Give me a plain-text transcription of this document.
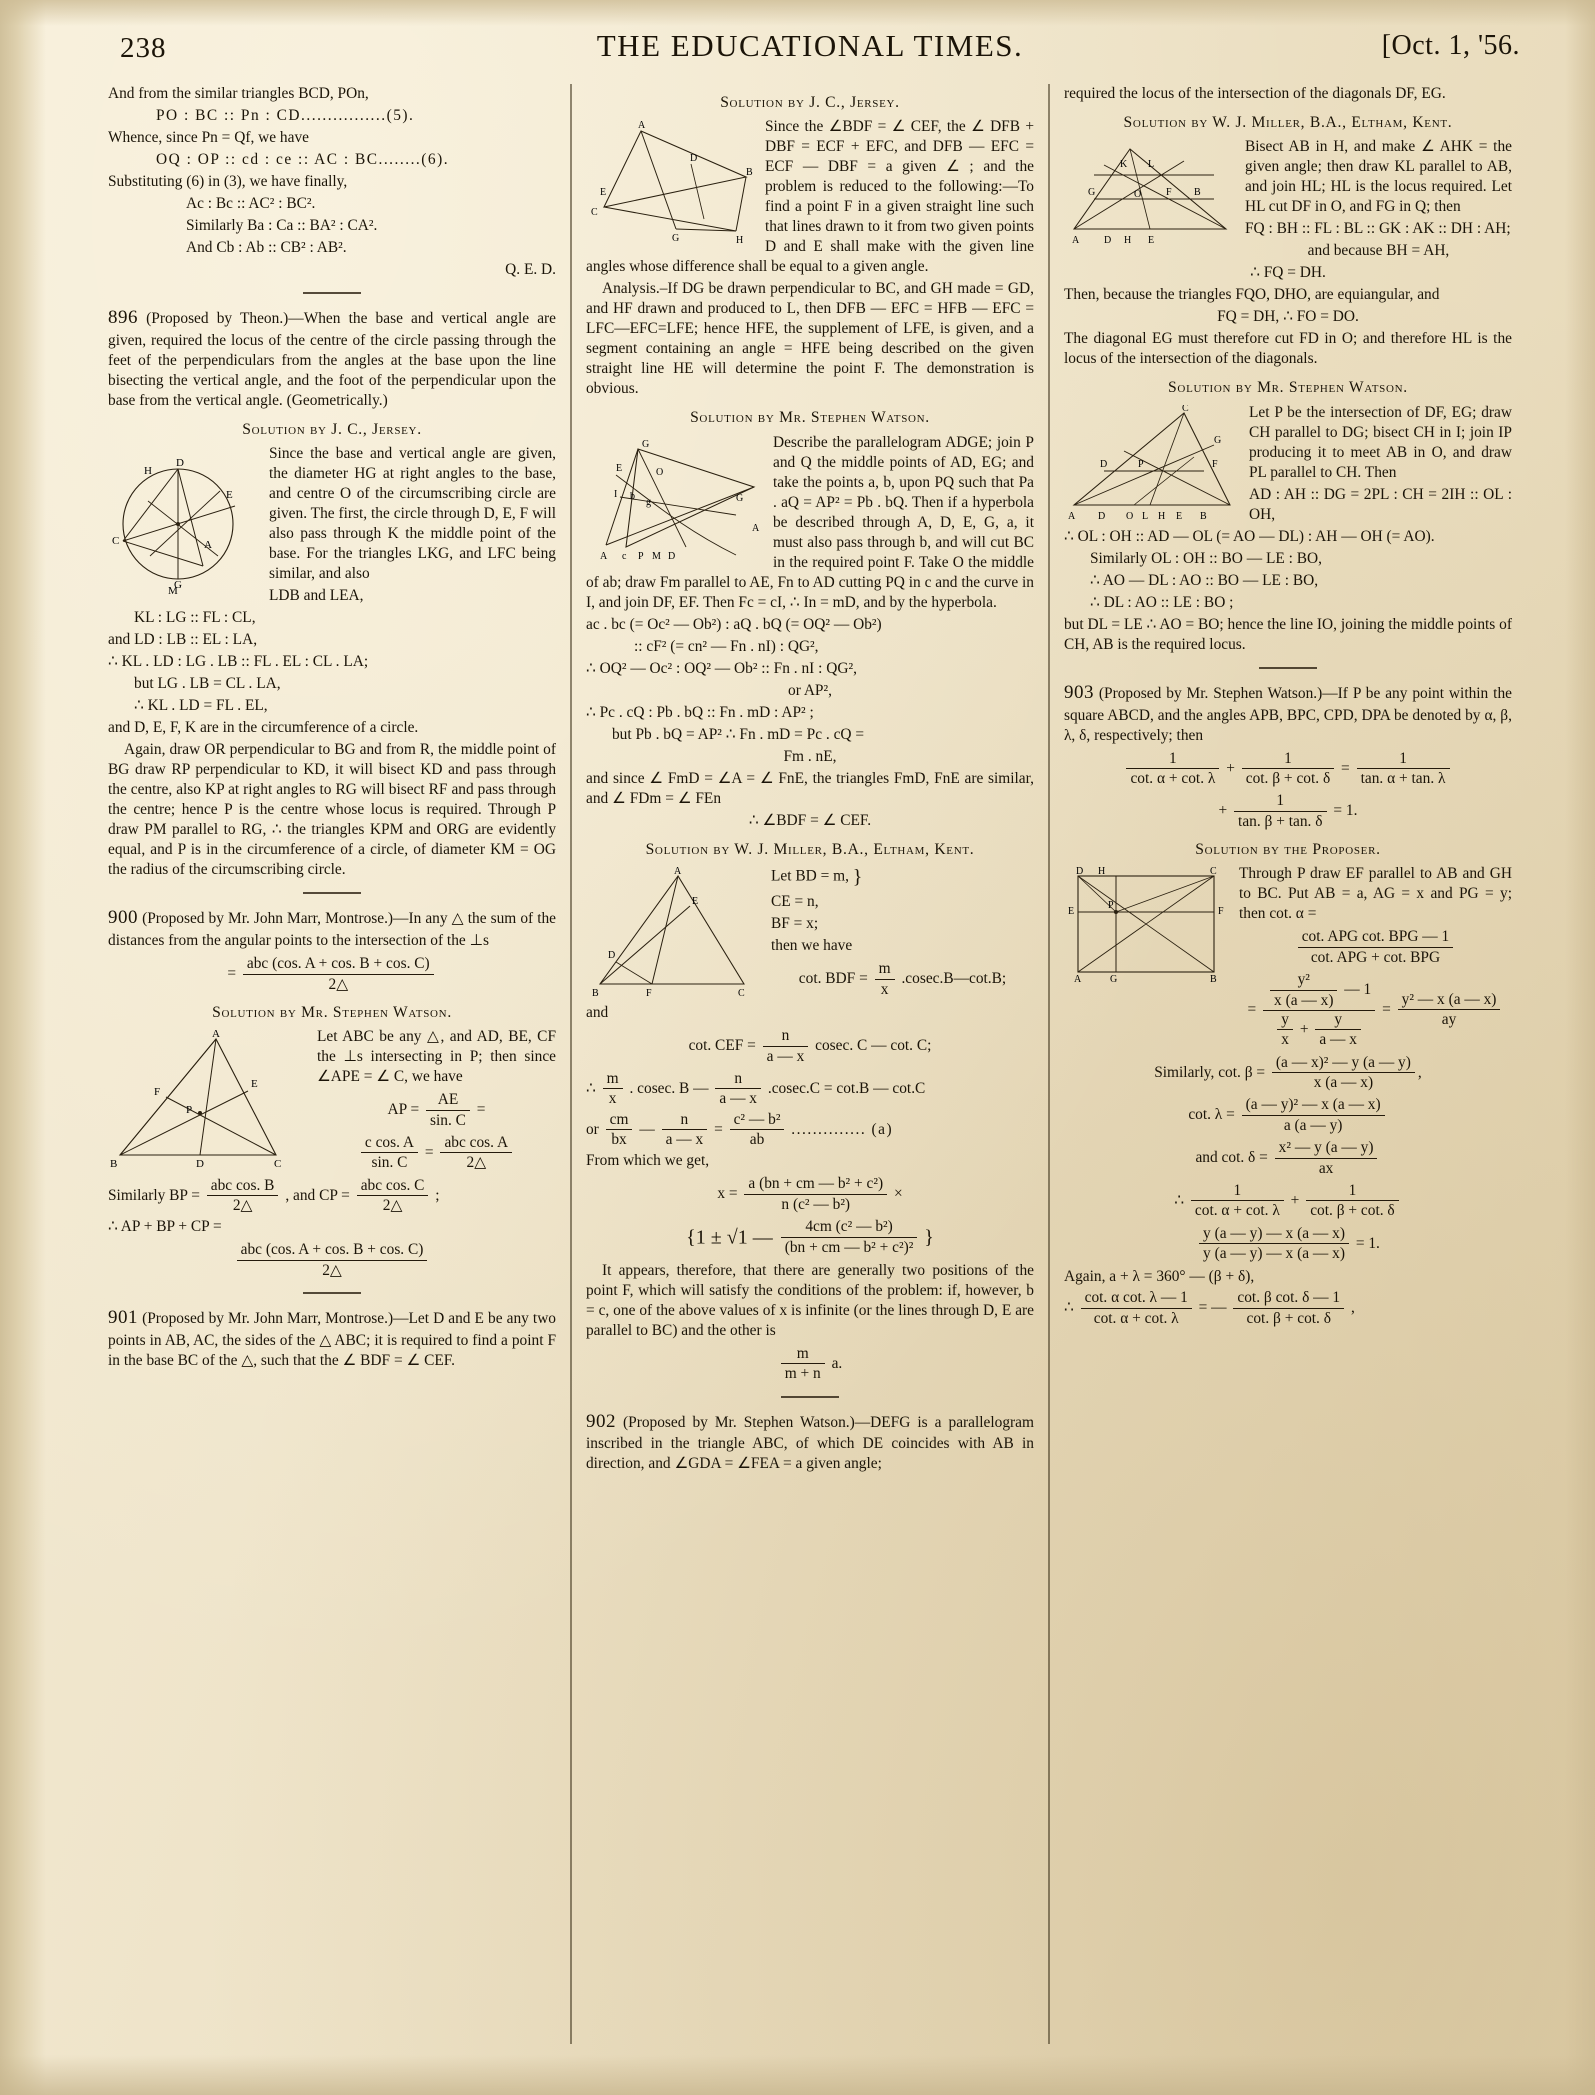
238	THE EDUCATIONAL TIMES.	[Oct. 1, '56.

And from the similar triangles BCD, POn,

PO : BC :: Pn : CD................(5).

Whence, since Pn = Qf, we have

OQ : OP :: cd : ce :: AC : BC........(6).

Substituting (6) in (3), we have finally,

Ac : Bc :: AC² : BC².

Similarly Ba : Ca :: BA² : CA².

And Cb : Ab :: CB² : AB².

Q. E. D.

896 (Proposed by Theon.)—When the base and vertical angle are given, required the locus of the centre of the circle passing through the feet of the perpendiculars from the angles at the base upon the line bisecting the vertical angle, and the foot of the perpendicular upon the base from the vertical angle. (Geometrically.)

Solution by J. C., Jersey.

H
D
E
C	A
M
G

Since the base and vertical angle are given, the diameter HG at right angles to the base, and centre O of the circumscribing circle are given. The first, the circle through D, E, F will also pass through K the middle point of the base. For the triangles LKG, and LFC being similar, and also

LDB and LEA,

KL : LG :: FL : CL,

and LD : LB :: EL : LA,

∴ KL . LD : LG . LB :: FL . EL : CL . LA;

but LG . LB = CL . LA,

∴ KL . LD = FL . EL,

and D, E, F, K are in the circumference of a circle.

Again, draw OR perpendicular to BG and from R, the middle point of BG draw RP perpendicular to KD, it will bisect KD and pass through the centre, also KP at right angles to RG will bisect RF and pass through the centre; hence P is the centre whose locus is required. Through P draw PM parallel to RG, ∴ the triangles KPM and ORG are evidently equal, and P is in the circumference of a circle, of diameter KM = OG the radius of the circumscribing circle.

900 (Proposed by Mr. John Marr, Montrose.)—In any △ the sum of the distances from the angular points to the intersection of the ⊥s

= $\frac{\text{abc (cos. A + cos. B + cos. C)}}{2\triangle}$

Solution by Mr. Stephen Watson.

A
E
F
P
B	D	C

Let ABC be any △, and AD, BE, CF the ⊥s intersecting in P; then since ∠APE = ∠ C, we have

AP = $\frac{AE}{\sin. C}$ =

$\frac{\text{c cos. A}}{\sin. C} = \frac{\text{abc cos. A}}{2\triangle}$

Similarly BP = $\frac{\text{abc cos. B}}{2\triangle}$ , and CP = $\frac{\text{abc cos. C}}{2\triangle}$ ;

∴ AP + BP + CP =

$\frac{\text{abc (cos. A + cos. B + cos. C)}}{2\triangle}$

901 (Proposed by Mr. John Marr, Montrose.)—Let D and E be any two points in AB, AC, the sides of the △ ABC; it is required to find a point F in the base BC of the △, such that the ∠ BDF = ∠ CEF.

Solution by J. C., Jersey.

A
E
D
C
G	H
B

Since the ∠BDF = ∠ CEF, the ∠ DFB + DBF = ECF + EFC, and DFB — EFC = ECF — DBF = a given ∠ ; and the problem is reduced to the following:—To find a point F in a given straight line such that lines drawn to it from two given points D and E shall make with the given line angles whose difference shall be equal to a given angle.

Analysis.–If DG be drawn perpendicular to BC, and GH made = GD, and HF drawn and produced to L, then DFB — EFC = HFB — EFC = LFC—EFC=LFE; hence HFE, the supplement of LFE, is given, and a segment containing an angle = HFE being described on the given straight line HE will determine the point F. The demonstration is obvious.

Solution by Mr. Stephen Watson.

G
E	O
I b
g	G
A c P M D
A

Describe the parallelogram ADGE; join P and Q the middle points of AD, EG; and take the points a, b, upon PQ such that Pa . aQ = AP² = Pb . bQ. Then if a hyperbola be described through A, D, E, G, a, it must also pass through b, and will cut BC in the required point F. Take O the middle of ab; draw Fm parallel to AE, Fn to AD cutting PQ in c and the curve in I, and join DF, EF. Then Fc = cI, ∴ In = mD, and by the hyperbola.

ac . bc (= Oc² — Ob²) : aQ . bQ (= OQ² — Ob²)

:: cF² (= cn² — Fn . nI) : QG²,

∴ OQ² — Oc² : OQ² — Ob² :: Fn . nI : QG²,

or AP²,

∴ Pc . cQ : Pb . bQ :: Fn . mD : AP² ;

but Pb . bQ = AP² ∴ Fn . mD = Pc . cQ =

Fm . nE,

and since ∠ FmD = ∠A = ∠ FnE, the triangles FmD, FnE are similar, and ∠ FDm = ∠ FEn

∴ ∠BDF = ∠ CEF.

Solution by W. J. Miller, B.A., Eltham, Kent.

A
E
D
B	F	C

Let BD = m, }

CE = n,

BF = x;

then we have

cot. BDF = $\frac{m}{x}$ .cosec.B—cot.B;

and

cot. CEF = $\frac{n}{a — x} cosec$. C — cot. C;

∴ $\frac{m}{x}$ . cosec. B — $\frac{n}{a — x} .cosec.C = \cot.B$ — cot.C

or $\frac{cm}{bx}$ — $\frac{n}{a — x} = \frac{\text{c² — b²}}{ab}$ .............. (a)

From which we get,

$x = \frac{\text{a (bn + cm — b² + c²)}}{\text{n (c² — b²)}}$ ×

{1 ± √1 — $\frac{\text{4cm (c² — b²)}}{\text{(bn + cm — b² + c²)²}}$ }

It appears, therefore, that there are generally two positions of the point F, which will satisfy the conditions of the problem: if, however, b = c, one of the above values of x is infinite (or the lines through D, E are parallel to BC) and the other is

$\frac{m}{m + n} a$.

902 (Proposed by Mr. Stephen Watson.)—DEFG is a parallelogram inscribed in the triangle ABC, of which DE coincides with AB in direction, and ∠GDA = ∠FEA = a given angle;

required the locus of the intersection of the diagonals DF, EG.

Solution by W. J. Miller, B.A., Eltham, Kent.

K L
G	O F B
A D H E

Bisect AB in H, and make ∠ AHK = the given angle; then draw KL parallel to AB, and join HL; HL is the locus required. Let HL cut DF in O, and FG in Q; then

FQ : BH :: FL : BL :: GK : AK :: DH : AH;

and because BH = AH,

∴ FQ = DH.

Then, because the triangles FQO, DHO, are equiangular, and

FQ = DH, ∴ FO = DO.

The diagonal EG must therefore cut FD in O; and therefore HL is the locus of the intersection of the diagonals.

Solution by Mr. Stephen Watson.

C
G
F
P
D
A D O L H E B

Let P be the intersection of DF, EG; draw CH parallel to DG; bisect CH in I; join IP producing it to meet AB in O, and draw PL parallel to CH. Then

AD : AH :: DG = 2PL : CH = 2IH :: OL : OH,

∴ OL : OH :: AD — OL (= AO — DL) : AH — OH (= AO).

Similarly OL : OH :: BO — LE : BO,

∴ AO — DL : AO :: BO — LE : BO,

∴ DL : AO :: LE : BO ;

but DL = LE ∴ AO = BO; hence the line IO, joining the middle points of CH, AB is the required locus.

903 (Proposed by Mr. Stephen Watson.)—If P be any point within the square ABCD, and the angles APB, BPC, CPD, DPA be denoted by α, β, λ, δ, respectively; then

$\frac{1}{\cot. \alpha + \cot. \lambda} + \frac{1}{\cot. \beta + \cot. \delta} = \frac{1}{\tan. \alpha + \tan. \lambda}$

+ $\frac{1}{\tan. \beta + \tan. \delta} = 1$.

Solution by the Proposer.

D H	C
E
P
F
A	G	B

Through P draw EF parallel to AB and GH to BC. Put AB = a, AG = x and PG = y; then cot. α =

$\frac{\text{cot. APG cot. BPG — 1}}{\text{cot. APG + cot. BPG}}$

= $\frac{\frac{\text{y²}}{x (a — x)} — 1}{\frac{y}{x} + \frac{y}{a — x}} = \frac{\text{y² — x (a — x)}}{ay}$

Similarly, cot. $\beta = \frac{\text{(a — x)² — y (a — y)}}{x (a — x)}$ ,

cot. $\lambda = \frac{\text{(a — y)² — x (a — x)}}{a (a — y)}$

and cot. $\delta = \frac{\text{x² — y (a — y)}}{ax}$

∴ $\frac{1}{\cot. \alpha + \cot. \lambda} + \frac{1}{\cot. \beta + \cot. \delta}$

$\frac{y (a — y) — x (a — x)}{y (a — y) — x (a — x)} = 1$.

Again, a + λ = 360° — (β + δ),

∴ $\frac{\text{cot. α cot. λ — 1}}{\cot. \alpha + \cot. \lambda}$ = — $\frac{\text{cot. β cot. δ — 1}}{\cot. \beta + \cot. \delta}$ ,
